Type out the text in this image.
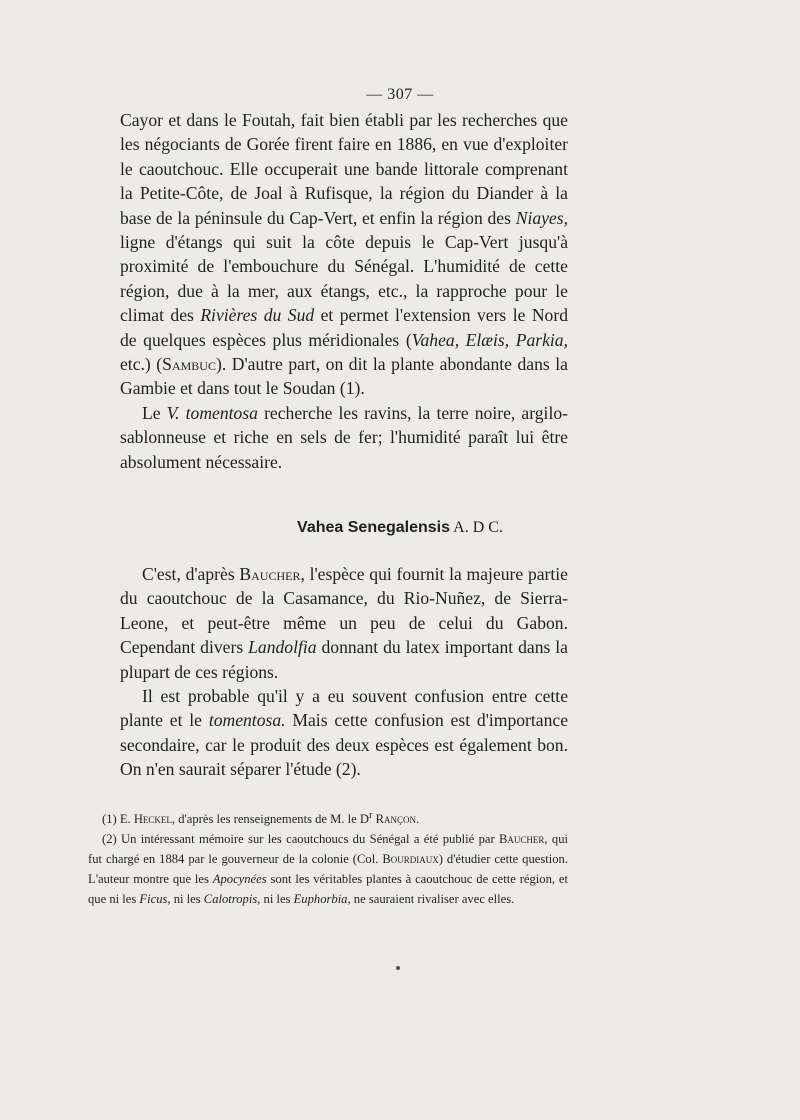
— 307 —

Cayor et dans le Foutah, fait bien établi par les recherches que les négociants de Gorée firent faire en 1886, en vue d'exploiter le caoutchouc. Elle occuperait une bande littorale comprenant la Petite-Côte, de Joal à Rufisque, la région du Diander à la base de la péninsule du Cap-Vert, et enfin la région des Niayes, ligne d'étangs qui suit la côte depuis le Cap-Vert jusqu'à proximité de l'embouchure du Sénégal. L'humidité de cette région, due à la mer, aux étangs, etc., la rapproche pour le climat des Rivières du Sud et permet l'extension vers le Nord de quelques espèces plus méridionales (Vahea, Elæis, Parkia, etc.) (Sambuc). D'autre part, on dit la plante abondante dans la Gambie et dans tout le Soudan (1).

Le V. tomentosa recherche les ravins, la terre noire, argilo-sablonneuse et riche en sels de fer; l'humidité paraît lui être absolument nécessaire.

Vahea Senegalensis A. D C.

C'est, d'après Baucher, l'espèce qui fournit la majeure partie du caoutchouc de la Casamance, du Rio-Nuñez, de Sierra-Leone, et peut-être même un peu de celui du Gabon. Cependant divers Landolfia donnant du latex important dans la plupart de ces régions.

Il est probable qu'il y a eu souvent confusion entre cette plante et le tomentosa. Mais cette confusion est d'importance secondaire, car le produit des deux espèces est également bon. On n'en saurait séparer l'étude (2).

(1) E. Heckel, d'après les renseignements de M. le $D^r$ Rançon.

(2) Un intéressant mémoire sur les caoutchoucs du Sénégal a été publié par Baucher, qui fut chargé en 1884 par le gouverneur de la colonie (Col. Bourdiaux) d'étudier cette question. L'auteur montre que les Apocynées sont les véritables plantes à caoutchouc de cette région, et que ni les Ficus, ni les Calotropis, ni les Euphorbia, ne sauraient rivaliser avec elles.
